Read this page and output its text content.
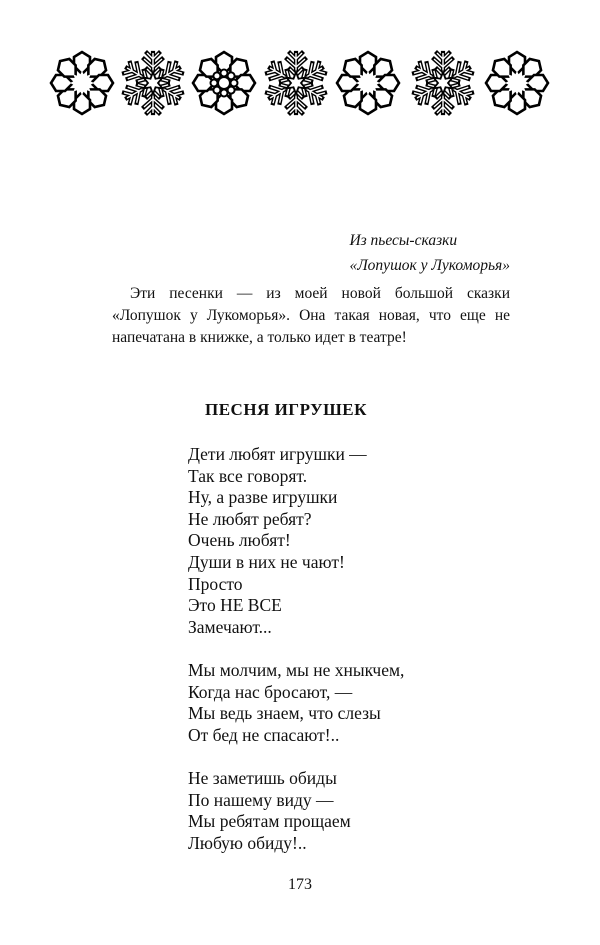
Из пьесы-сказки
«Лопушок у Лукоморья»

Эти песенки — из моей новой большой сказки «Лопушок у Лукоморья». Она такая новая, что еще не напечатана в книжке, а только идет в театре!

ПЕСНЯ ИГРУШЕК
Дети любят игрушки —
Так все говорят.
Ну, а разве игрушки
Не любят ребят?
Очень любят!
Души в них не чают!
Просто
Это НЕ ВСЕ
Замечают...
Мы молчим, мы не хныкчем,
Когда нас бросают, —
Мы ведь знаем, что слезы
От бед не спасают!..
Не заметишь обиды
По нашему виду —
Мы ребятам прощаем
Любую обиду!..
173
